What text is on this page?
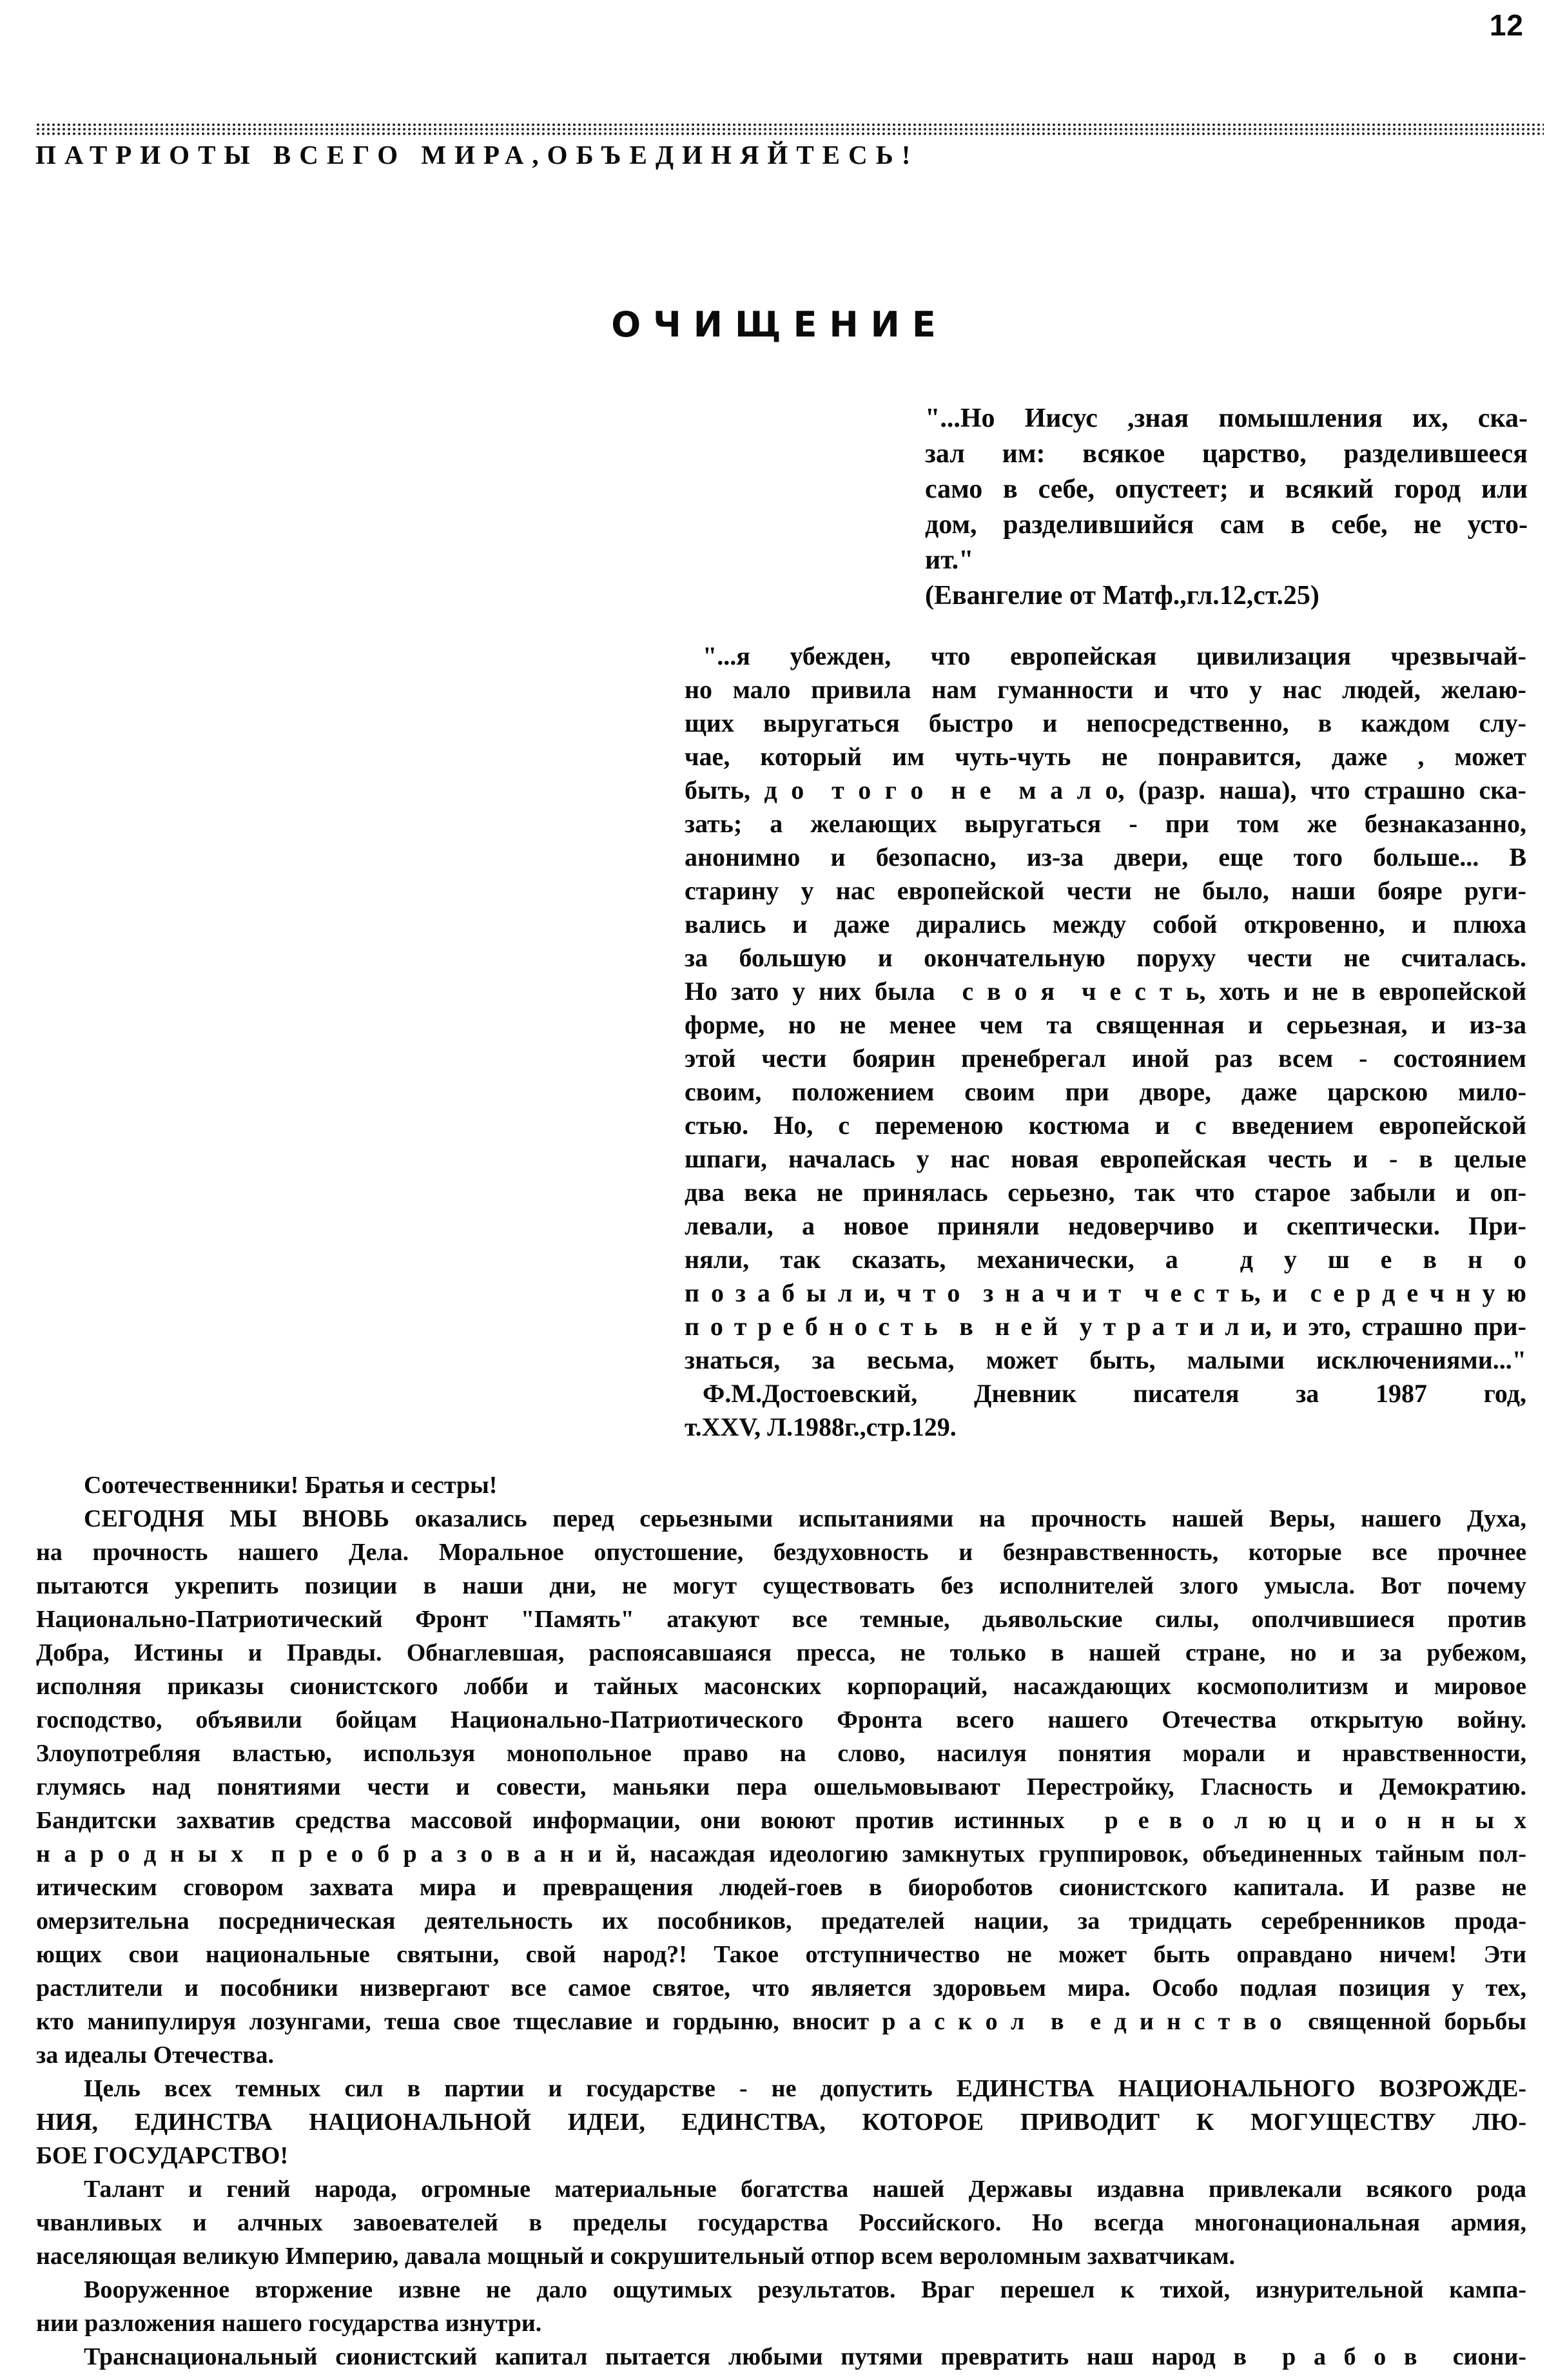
12
ПАТРИОТЫ ВСЕГО МИРА,ОБЪЕДИНЯЙТЕСЬ!
ОЧИЩЕНИЕ
"...Но Иисус ,зная помышления их, ска-
зал им: всякое царство, разделившееся
само в себе, опустеет; и всякий город или
дом, разделившийся сам в себе, не усто-
ит."
(Евангелие от Матф.,гл.12,ст.25)
"...я убежден, что европейская цивилизация чрезвычай-
но мало привила нам гуманности и что у нас людей, желаю-
щих выругаться быстро и непосредственно, в каждом слу-
чае, который им чуть-чуть не понравится, даже , может
быть, д о  т о г о  н е  м а л о, (разр. наша), что страшно ска-
зать; а желающих выругаться - при том же безнаказанно,
анонимно и безопасно, из-за двери, еще того больше... В
старину у нас европейской чести не было, наши бояре руги-
вались и даже дирались между собой откровенно, и плюха
за большую и окончательную поруху чести не считалась.
Но зато у них была  с в о я  ч е с т ь, хоть и не в европейской
форме, но не менее чем та священная и серьезная, и из-за
этой чести боярин пренебрегал иной раз всем - состоянием
своим, положением своим при дворе, даже царскою мило-
стью. Но, с переменою костюма и с введением европейской
шпаги, началась у нас новая европейская честь и - в целые
два века не принялась серьезно, так что старое забыли и оп-
левали, а новое приняли недоверчиво и скептически. При-
няли, так сказать, механически, а  д у ш е в н о
п о з а б ы л и, ч т о  з н а ч и т  ч е с т ь, и  с е р д е ч н у ю
п о т р е б н о с т ь  в  н е й  у т р а т и л и, и это, страшно при-
знаться, за весьма, может быть, малыми исключениями..."
Ф.М.Достоевский, Дневник писателя за 1987 год,
т.XXV, Л.1988г.,стр.129.
Соотечественники! Братья и сестры!
СЕГОДНЯ МЫ ВНОВЬ оказались перед серьезными испытаниями на прочность нашей Веры, нашего Духа,
на прочность нашего Дела. Моральное опустошение, бездуховность и безнравственность, которые все прочнее
пытаются укрепить позиции в наши дни, не могут существовать без исполнителей злого умысла. Вот почему
Национально-Патриотический Фронт "Память" атакуют все темные, дьявольские силы, ополчившиеся против
Добра, Истины и Правды. Обнаглевшая, распоясавшаяся пресса, не только в нашей стране, но и за рубежом,
исполняя приказы сионистского лобби и тайных масонских корпораций, насаждающих космополитизм и мировое
господство, объявили бойцам Национально-Патриотического Фронта всего нашего Отечества открытую войну.
Злоупотребляя властью, используя монопольное право на слово, насилуя понятия морали и нравственности,
глумясь над понятиями чести и совести, маньяки пера ошельмовывают Перестройку, Гласность и Демократию.
Бандитски захватив средства массовой информации, они воюют против истинных  р е в о л ю ц и о н н ы х
н а р о д н ы х  п р е о б р а з о в а н и й, насаждая идеологию замкнутых группировок, объединенных тайным пол-
итическим сговором захвата мира и превращения людей-гоев в биороботов сионистского капитала. И разве не
омерзительна посредническая деятельность их пособников, предателей нации, за тридцать серебренников прода-
ющих свои национальные святыни, свой народ?! Такое отступничество не может быть оправдано ничем! Эти
растлители и пособники низвергают все самое святое, что является здоровьем мира. Особо подлая позиция у тех,
кто манипулируя лозунгами, теша свое тщеславие и гордыню, вносит р а с к о л  в  е д и н с т в о  священной борьбы
за идеалы Отечества.
Цель всех темных сил в партии и государстве - не допустить ЕДИНСТВА НАЦИОНАЛЬНОГО ВОЗРОЖДЕ-
НИЯ, ЕДИНСТВА НАЦИОНАЛЬНОЙ ИДЕИ, ЕДИНСТВА, КОТОРОЕ ПРИВОДИТ К МОГУЩЕСТВУ ЛЮ-
БОЕ ГОСУДАРСТВО!
Талант и гений народа, огромные материальные богатства нашей Державы издавна привлекали всякого рода
чванливых и алчных завоевателей в пределы государства Российского. Но всегда многонациональная армия,
населяющая великую Империю, давала мощный и сокрушительный отпор всем вероломным захватчикам.
Вооруженное вторжение извне не дало ощутимых результатов. Враг перешел к тихой, изнурительной кампа-
нии разложения нашего государства изнутри.
Транснациональный сионистский капитал пытается любыми путями превратить наш народ в  р а б о в  сиони-
